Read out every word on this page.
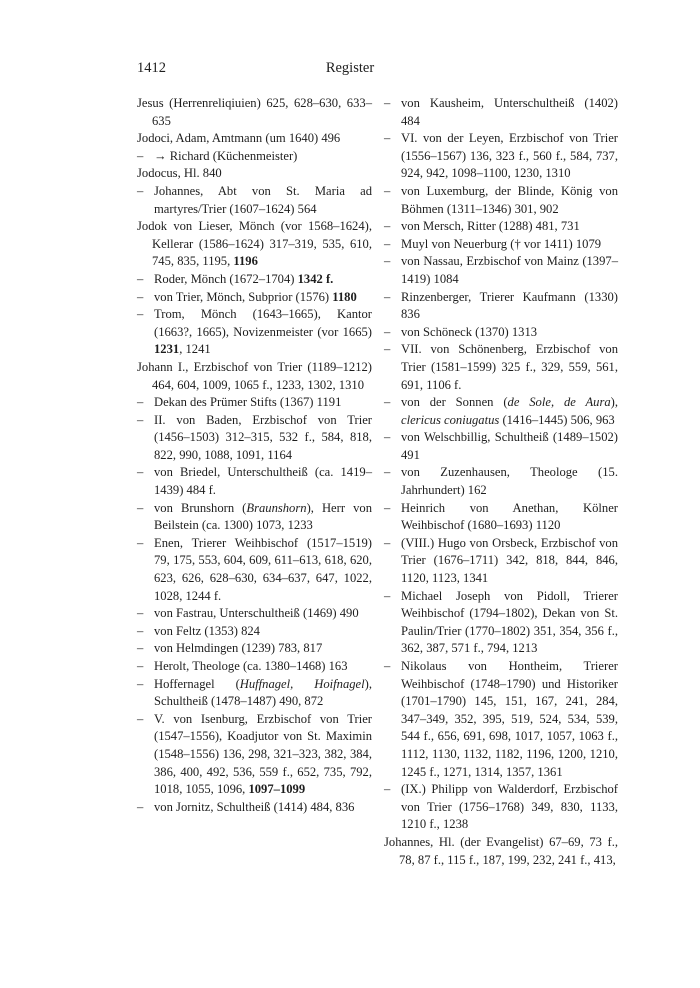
1412	Register
Jesus (Herrenreliqiuien) 625, 628–630, 633–635
Jodoci, Adam, Amtmann (um 1640) 496
– → Richard (Küchenmeister)
Jodocus, Hl. 840
– Johannes, Abt von St. Maria ad martyres/Trier (1607–1624) 564
Jodok von Lieser, Mönch (vor 1568–1624), Kellerar (1586–1624) 317–319, 535, 610, 745, 835, 1195, 1196
– Roder, Mönch (1672–1704) 1342 f.
– von Trier, Mönch, Subprior (1576) 1180
– Trom, Mönch (1643–1665), Kantor (1663?, 1665), Novizenmeister (vor 1665) 1231, 1241
Johann I., Erzbischof von Trier (1189–1212) 464, 604, 1009, 1065 f., 1233, 1302, 1310
– Dekan des Prümer Stifts (1367) 1191
– II. von Baden, Erzbischof von Trier (1456–1503) 312–315, 532 f., 584, 818, 822, 990, 1088, 1091, 1164
– von Briedel, Unterschultheiß (ca. 1419–1439) 484 f.
– von Brunshorn (Braunshorn), Herr von Beilstein (ca. 1300) 1073, 1233
– Enen, Trierer Weihbischof (1517–1519) 79, 175, 553, 604, 609, 611–613, 618, 620, 623, 626, 628–630, 634–637, 647, 1022, 1028, 1244 f.
– von Fastrau, Unterschultheiß (1469) 490
– von Feltz (1353) 824
– von Helmdingen (1239) 783, 817
– Herolt, Theologe (ca. 1380–1468) 163
– Hoffernagel (Huffnagel, Hoifnagel), Schultheiß (1478–1487) 490, 872
– V. von Isenburg, Erzbischof von Trier (1547–1556), Koadjutor von St. Maximin (1548–1556) 136, 298, 321–323, 382, 384, 386, 400, 492, 536, 559 f., 652, 735, 792, 1018, 1055, 1096, 1097–1099
– von Jornitz, Schultheiß (1414) 484, 836
– von Kausheim, Unterschultheiß (1402) 484
– VI. von der Leyen, Erzbischof von Trier (1556–1567) 136, 323 f., 560 f., 584, 737, 924, 942, 1098–1100, 1230, 1310
– von Luxemburg, der Blinde, König von Böhmen (1311–1346) 301, 902
– von Mersch, Ritter (1288) 481, 731
– Muyl von Neuerburg († vor 1411) 1079
– von Nassau, Erzbischof von Mainz (1397–1419) 1084
– Rinzenberger, Trierer Kaufmann (1330) 836
– von Schöneck (1370) 1313
– VII. von Schönenberg, Erzbischof von Trier (1581–1599) 325 f., 329, 559, 561, 691, 1106 f.
– von der Sonnen (de Sole, de Aura), clericus coniugatus (1416–1445) 506, 963
– von Welschbillig, Schultheiß (1489–1502) 491
– von Zuzenhausen, Theologe (15. Jahrhundert) 162
– Heinrich von Anethan, Kölner Weihbischof (1680–1693) 1120
– (VIII.) Hugo von Orsbeck, Erzbischof von Trier (1676–1711) 342, 818, 844, 846, 1120, 1123, 1341
– Michael Joseph von Pidoll, Trierer Weihbischof (1794–1802), Dekan von St. Paulin/Trier (1770–1802) 351, 354, 356 f., 362, 387, 571 f., 794, 1213
– Nikolaus von Hontheim, Trierer Weihbischof (1748–1790) und Historiker (1701–1790) 145, 151, 167, 241, 284, 347–349, 352, 395, 519, 524, 534, 539, 544 f., 656, 691, 698, 1017, 1057, 1063 f., 1112, 1130, 1132, 1182, 1196, 1200, 1210, 1245 f., 1271, 1314, 1357, 1361
– (IX.) Philipp von Walderdorf, Erzbischof von Trier (1756–1768) 349, 830, 1133, 1210 f., 1238
Johannes, Hl. (der Evangelist) 67–69, 73 f., 78, 87 f., 115 f., 187, 199, 232, 241 f., 413,
